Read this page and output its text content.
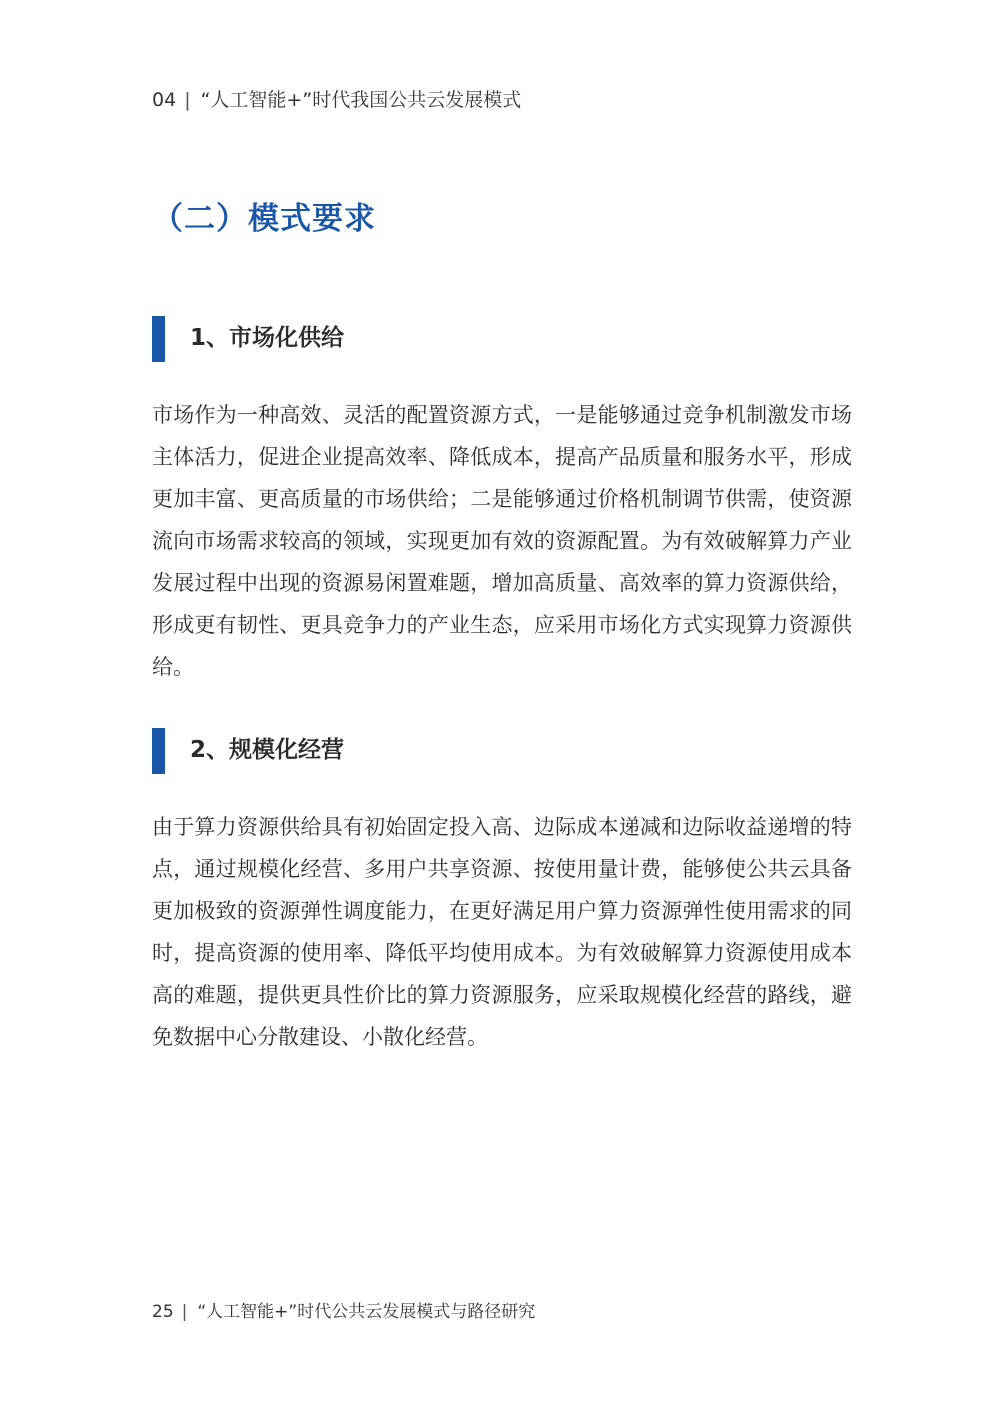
04 | “人工智能+”时代我国公共云发展模式
（二）模式要求
1、市场化供给

市场作为一种高效、灵活的配置资源方式，一是能够通过竞争机制激发市场主体活力，促进企业提高效率、降低成本，提高产品质量和服务水平，形成更加丰富、更高质量的市场供给；二是能够通过价格机制调节供需，使资源流向市场需求较高的领域，实现更加有效的资源配置。为有效破解算力产业发展过程中出现的资源易闲置难题，增加高质量、高效率的算力资源供给，形成更有韧性、更具竞争力的产业生态，应采用市场化方式实现算力资源供给。

2、规模化经营

由于算力资源供给具有初始固定投入高、边际成本递减和边际收益递增的特点，通过规模化经营、多用户共享资源、按使用量计费，能够使公共云具备更加极致的资源弹性调度能力，在更好满足用户算力资源弹性使用需求的同时，提高资源的使用率、降低平均使用成本。为有效破解算力资源使用成本高的难题，提供更具性价比的算力资源服务，应采取规模化经营的路线，避免数据中心分散建设、小散化经营。

25 | “人工智能+”时代公共云发展模式与路径研究
